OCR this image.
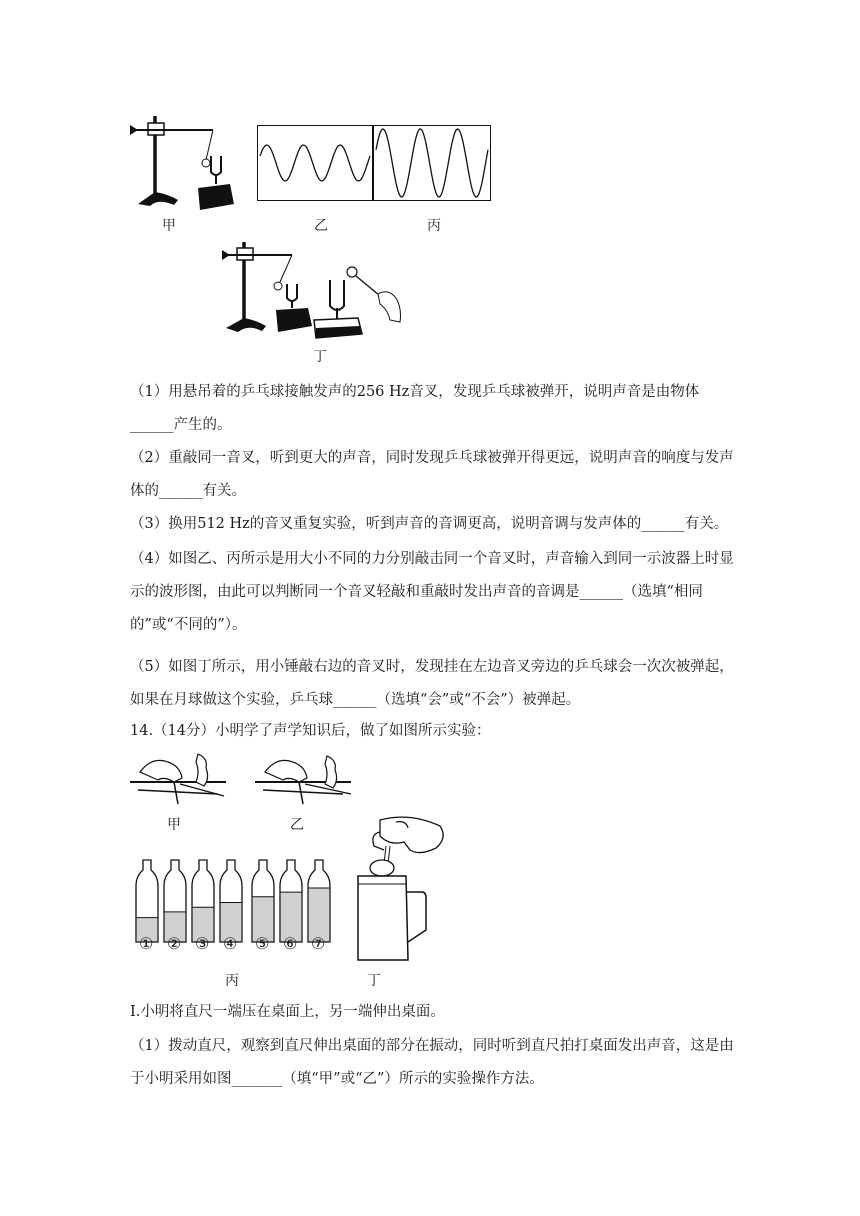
甲	乙	丙
丁
（1）用悬吊着的乒乓球接触发声的256 Hz音叉，发现乒乓球被弹开，说明声音是由物体______产生的。
（2）重敲同一音叉，听到更大的声音，同时发现乒乓球被弹开得更远，说明声音的响度与发声体的______有关。
（3）换用512 Hz的音叉重复实验，听到声音的音调更高，说明音调与发声体的______有关。
（4）如图乙、丙所示是用大小不同的力分别敲击同一个音叉时，声音输入到同一示波器上时显示的波形图，由此可以判断同一个音叉轻敲和重敲时发出声音的音调是______（选填“相同的”或“不同的”）。
（5）如图丁所示，用小锤敲右边的音叉时，发现挂在左边音叉旁边的乒乓球会一次次被弹起，如果在月球做这个实验，乒乓球______（选填“会”或“不会”）被弹起。
14.（14分）小明学了声学知识后，做了如图所示实验：
甲	乙
① ② ③ ④ ⑤ ⑥ ⑦
丙	丁
I.小明将直尺一端压在桌面上，另一端伸出桌面。
（1）拨动直尺，观察到直尺伸出桌面的部分在振动，同时听到直尺拍打桌面发出声音，这是由于小明采用如图_______（填“甲”或“乙”）所示的实验操作方法。
